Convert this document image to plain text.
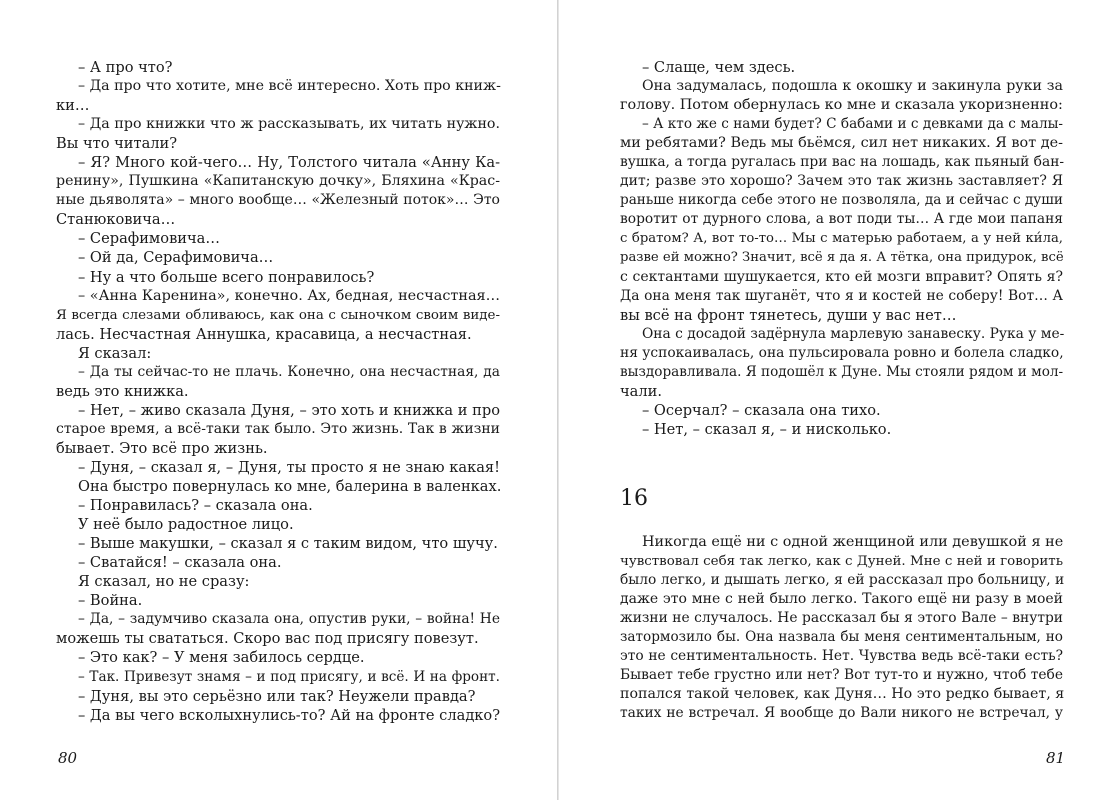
– А про что?
– Да про что хотите, мне всё интересно. Хоть про книж-
ки…
– Да про книжки что ж рассказывать, их читать нужно.
Вы что читали?
– Я? Много кой-чего… Ну, Толстого читала «Анну Ка-
ренину», Пушкина «Капитанскую дочку», Бляхина «Крас-
ные дьяволята» – много вообще… «Железный поток»… Это
Станюковича…
– Серафимовича…
– Ой да, Серафимовича…
– Ну а что больше всего понравилось?
– «Анна Каренина», конечно. Ах, бедная, несчастная…
Я всегда слезами обливаюсь, как она с сыночком своим виде-
лась. Несчастная Аннушка, красавица, а несчастная.
Я сказал:
– Да ты сейчас-то не плачь. Конечно, она несчастная, да
ведь это книжка.
– Нет, – живо сказала Дуня, – это хоть и книжка и про
старое время, а всё-таки так было. Это жизнь. Так в жизни
бывает. Это всё про жизнь.
– Дуня, – сказал я, – Дуня, ты просто я не знаю какая!
Она быстро повернулась ко мне, балерина в валенках.
– Понравилась? – сказала она.
У неё было радостное лицо.
– Выше макушки, – сказал я с таким видом, что шучу.
– Сватайся! – сказала она.
Я сказал, но не сразу:
– Война.
– Да, – задумчиво сказала она, опустив руки, – война! Не
можешь ты свататься. Скоро вас под присягу повезут.
– Это как? – У меня забилось сердце.
– Так. Привезут знамя – и под присягу, и всё. И на фронт.
– Дуня, вы это серьёзно или так? Неужели правда?
– Да вы чего всколыхнулись-то? Ай на фронте сладко?
80
– Слаще, чем здесь.
Она задумалась, подошла к окошку и закинула руки за
голову. Потом обернулась ко мне и сказала укоризненно:
– А кто же с нами будет? С бабами и с девками да с малы-
ми ребятами? Ведь мы бьёмся, сил нет никаких. Я вот де-
вушка, а тогда ругалась при вас на лошадь, как пьяный бан-
дит; разве это хорошо? Зачем это так жизнь заставляет? Я
раньше никогда себе этого не позволяла, да и сейчас с души
воротит от дурного слова, а вот поди ты… А где мои папаня
с братом? А, вот то-то… Мы с матерью работаем, а у ней ки́ла,
разве ей можно? Значит, всё я да я. А тётка, она придурок, всё
с сектантами шушукается, кто ей мозги вправит? Опять я?
Да она меня так шуганёт, что я и костей не соберу! Вот… А
вы всё на фронт тянетесь, души у вас нет…
Она с досадой задёрнула марлевую занавеску. Рука у ме-
ня успокаивалась, она пульсировала ровно и болела сладко,
выздоравливала. Я подошёл к Дуне. Мы стояли рядом и мол-
чали.
– Осерчал? – сказала она тихо.
– Нет, – сказал я, – и нисколько.
16
Никогда ещё ни с одной женщиной или девушкой я не
чувствовал себя так легко, как с Дуней. Мне с ней и говорить
было легко, и дышать легко, я ей рассказал про больницу, и
даже это мне с ней было легко. Такого ещё ни разу в моей
жизни не случалось. Не рассказал бы я этого Вале – внутри
затормозило бы. Она назвала бы меня сентиментальным, но
это не сентиментальность. Нет. Чувства ведь всё-таки есть?
Бывает тебе грустно или нет? Вот тут-то и нужно, чтоб тебе
попался такой человек, как Дуня… Но это редко бывает, я
таких не встречал. Я вообще до Вали никого не встречал, у
81
